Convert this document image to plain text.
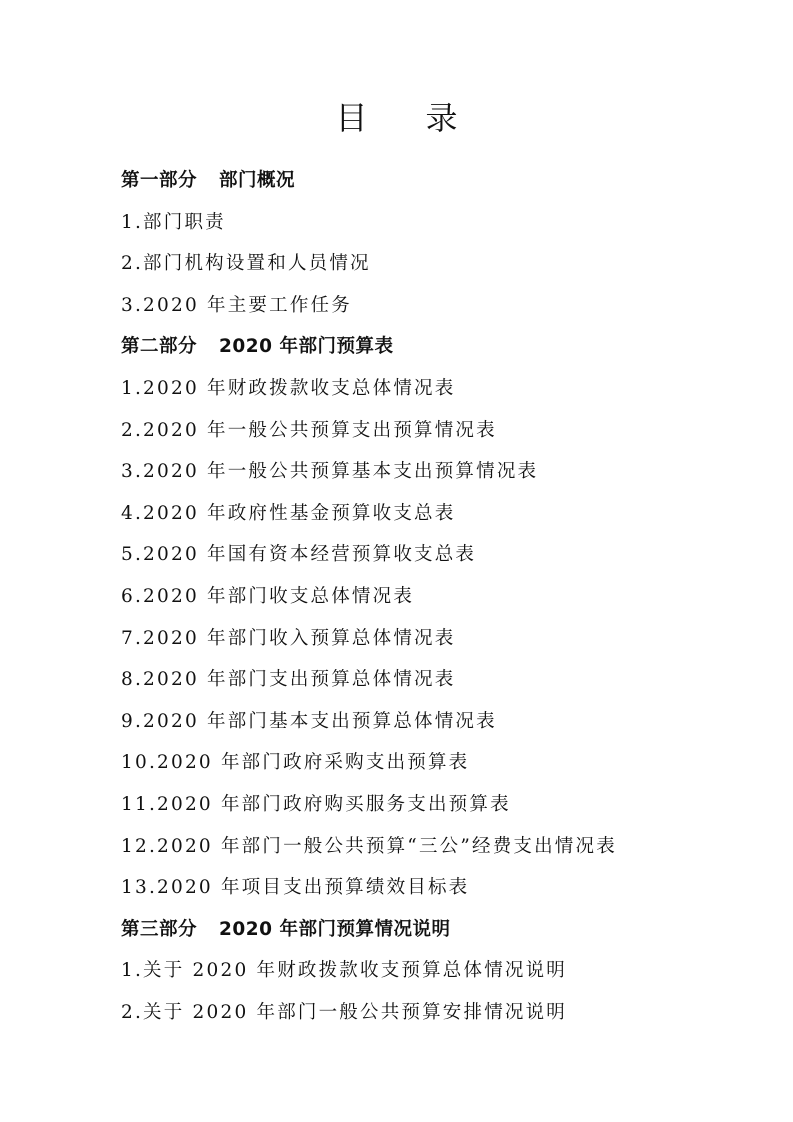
目 录
第一部分 部门概况
1.部门职责
2.部门机构设置和人员情况
3.2020 年主要工作任务
第二部分 2020 年部门预算表
1.2020 年财政拨款收支总体情况表
2.2020 年一般公共预算支出预算情况表
3.2020 年一般公共预算基本支出预算情况表
4.2020 年政府性基金预算收支总表
5.2020 年国有资本经营预算收支总表
6.2020 年部门收支总体情况表
7.2020 年部门收入预算总体情况表
8.2020 年部门支出预算总体情况表
9.2020 年部门基本支出预算总体情况表
10.2020 年部门政府采购支出预算表
11.2020 年部门政府购买服务支出预算表
12.2020 年部门一般公共预算“三公”经费支出情况表
13.2020 年项目支出预算绩效目标表
第三部分 2020 年部门预算情况说明
1.关于 2020 年财政拨款收支预算总体情况说明
2.关于 2020 年部门一般公共预算安排情况说明
